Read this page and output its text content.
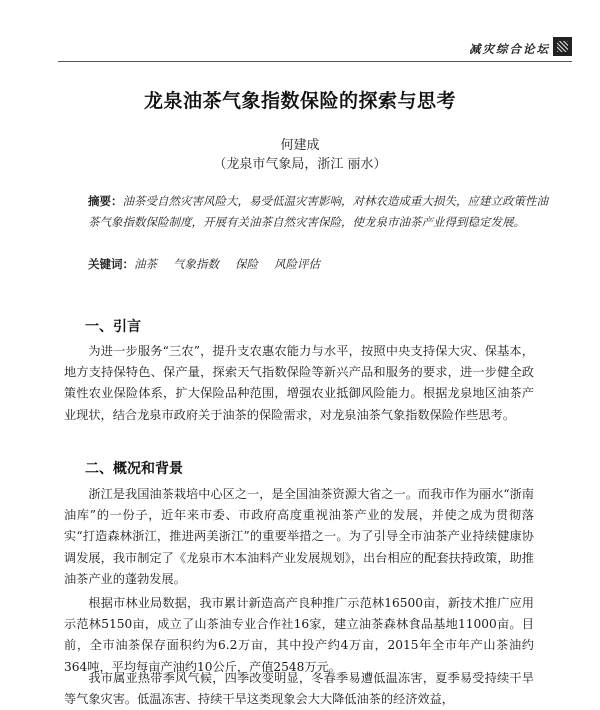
减灾综合论坛
龙泉油茶气象指数保险的探索与思考
何建成
（龙泉市气象局，浙江 丽水）
摘要：油茶受自然灾害风险大，易受低温灾害影响，对林农造成重大损失，应建立政策性油茶气象指数保险制度，开展有关油茶自然灾害保险，使龙泉市油茶产业得到稳定发展。
关键词：油茶 气象指数 保险 风险评估
一、引言
为进一步服务“三农”，提升支农惠农能力与水平，按照中央支持保大灾、保基本，地方支持保特色、保产量，探索天气指数保险等新兴产品和服务的要求，进一步健全政策性农业保险体系，扩大保险品种范围，增强农业抵御风险能力。根据龙泉地区油茶产业现状，结合龙泉市政府关于油茶的保险需求，对龙泉油茶气象指数保险作些思考。
二、概况和背景
浙江是我国油茶栽培中心区之一，是全国油茶资源大省之一。而我市作为丽水“浙南油库”的一份子，近年来市委、市政府高度重视油茶产业的发展，并使之成为贯彻落实“打造森林浙江，推进两美浙江”的重要举措之一。为了引导全市油茶产业持续健康协调发展，我市制定了《龙泉市木本油料产业发展规划》，出台相应的配套扶持政策，助推油茶产业的蓬勃发展。
根据市林业局数据，我市累计新造高产良种推广示范林16500亩，新技术推广应用示范林5150亩，成立了山茶油专业合作社16家，建立油茶森林食品基地11000亩。目前，全市油茶保存面积约为6.2万亩，其中投产约4万亩，2015年全市年产山茶油约364吨，平均每亩产油约10公斤，产值2548万元。
我市属亚热带季风气候，四季改变明显，冬春季易遭低温冻害，夏季易受持续干旱等气象灾害。低温冻害、持续干旱这类现象会大大降低油茶的经济效益，
